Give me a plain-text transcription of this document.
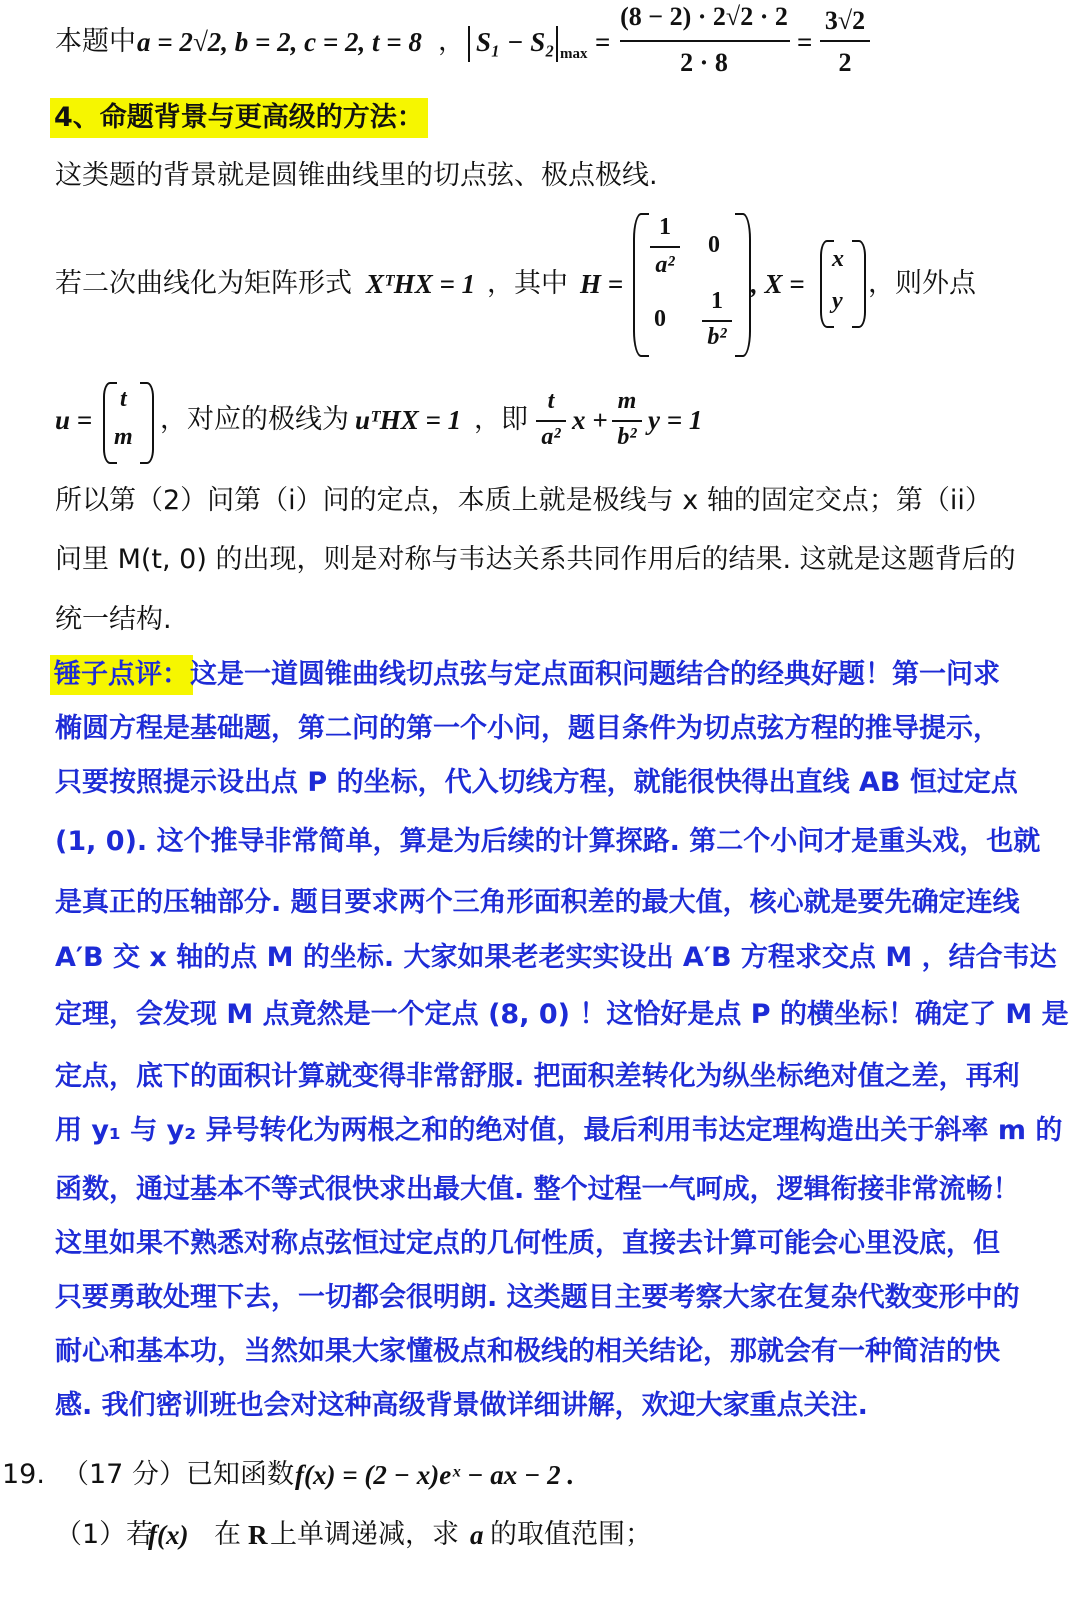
本题中 a = 2√2, b = 2, c = 2, t = 8 ， S₁ − S₂ max =
(8 − 2) · 2√2 · 2
2 · 8
=
3√2
2
4、命题背景与更高级的方法：
这类题的背景就是圆锥曲线里的切点弦、极点极线.
若二次曲线化为矩阵形式 XᵀHX = 1 ，其中 H =
1
a²
0
0
1
b²
, X =
x
y
，则外点
u =
t
m
，对应的极线为 uᵀHX = 1 ，即
t
a²
x +
m
b²
y = 1
所以第（2）问第（i）问的定点，本质上就是极线与 x 轴的固定交点；第（ii）
问里 M(t, 0) 的出现，则是对称与韦达关系共同作用后的结果. 这就是这题背后的
统一结构.
锤子点评： 这是一道圆锥曲线切点弦与定点面积问题结合的经典好题！第一问求
椭圆方程是基础题，第二问的第一个小问，题目条件为切点弦方程的推导提示，
只要按照提示设出点 P 的坐标，代入切线方程，就能很快得出直线 AB 恒过定点
(1, 0). 这个推导非常简单，算是为后续的计算探路. 第二个小问才是重头戏，也就
是真正的压轴部分. 题目要求两个三角形面积差的最大值，核心就是要先确定连线
A′B 交 x 轴的点 M 的坐标. 大家如果老老实实设出 A′B 方程求交点 M ，结合韦达
定理，会发现 M 点竟然是一个定点 (8, 0) ！这恰好是点 P 的横坐标！确定了 M 是
定点，底下的面积计算就变得非常舒服. 把面积差转化为纵坐标绝对值之差，再利
用 y₁ 与 y₂ 异号转化为两根之和的绝对值，最后利用韦达定理构造出关于斜率 m 的
函数，通过基本不等式很快求出最大值. 整个过程一气呵成，逻辑衔接非常流畅！
这里如果不熟悉对称点弦恒过定点的几何性质，直接去计算可能会心里没底，但
只要勇敢处理下去，一切都会很明朗. 这类题目主要考察大家在复杂代数变形中的
耐心和基本功，当然如果大家懂极点和极线的相关结论，那就会有一种简洁的快
感. 我们密训班也会对这种高级背景做详细讲解，欢迎大家重点关注.
19. （17 分）已知函数 f(x) = (2 − x)eˣ − ax − 2 .
（1）若
f(x) 在 R 上单调递减，求 a 的取值范围；
